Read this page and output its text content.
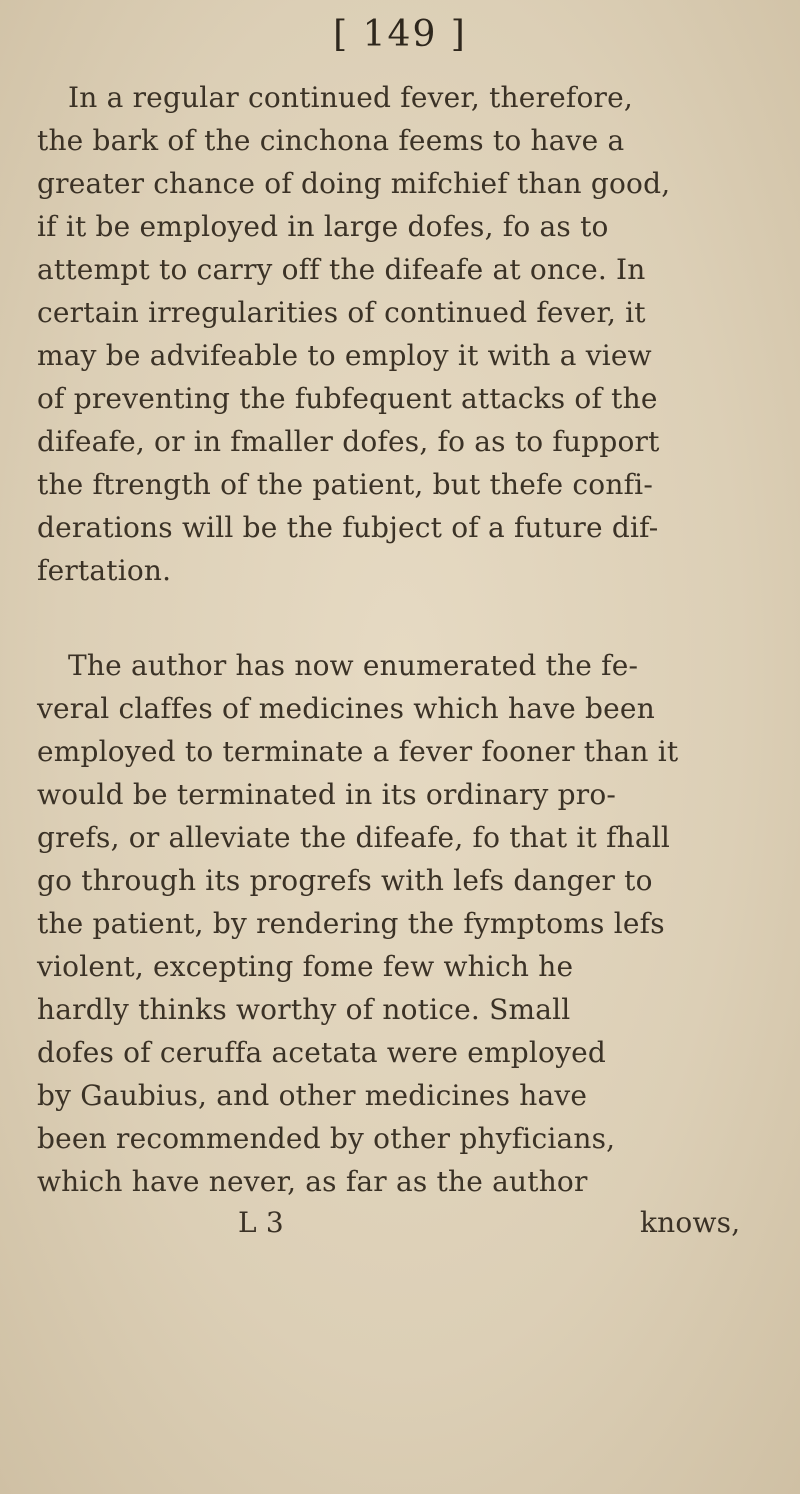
[ 149 ]
In a regular continued fever, therefore,
the bark of the cinchona feems to have a
greater chance of doing mifchief than good,
if it be employed in large dofes, fo as to
attempt to carry off the difeafe at once. In
certain irregularities of continued fever, it
may be advifeable to employ it with a view
of preventing the fubfequent attacks of the
difeafe, or in fmaller dofes, fo as to fupport
the ftrength of the patient, but thefe confi-
derations will be the fubject of a future dif-
fertation.
The author has now enumerated the fe-
veral claffes of medicines which have been
employed to terminate a fever fooner than it
would be terminated in its ordinary pro-
grefs, or alleviate the difeafe, fo that it fhall
go through its progrefs with lefs danger to
the patient, by rendering the fymptoms lefs
violent, excepting fome few which he
hardly thinks worthy of notice. Small
dofes of ceruffa acetata were employed
by Gaubius, and other medicines have
been recommended by other phyficians,
which have never, as far as the author
L 3	knows,
